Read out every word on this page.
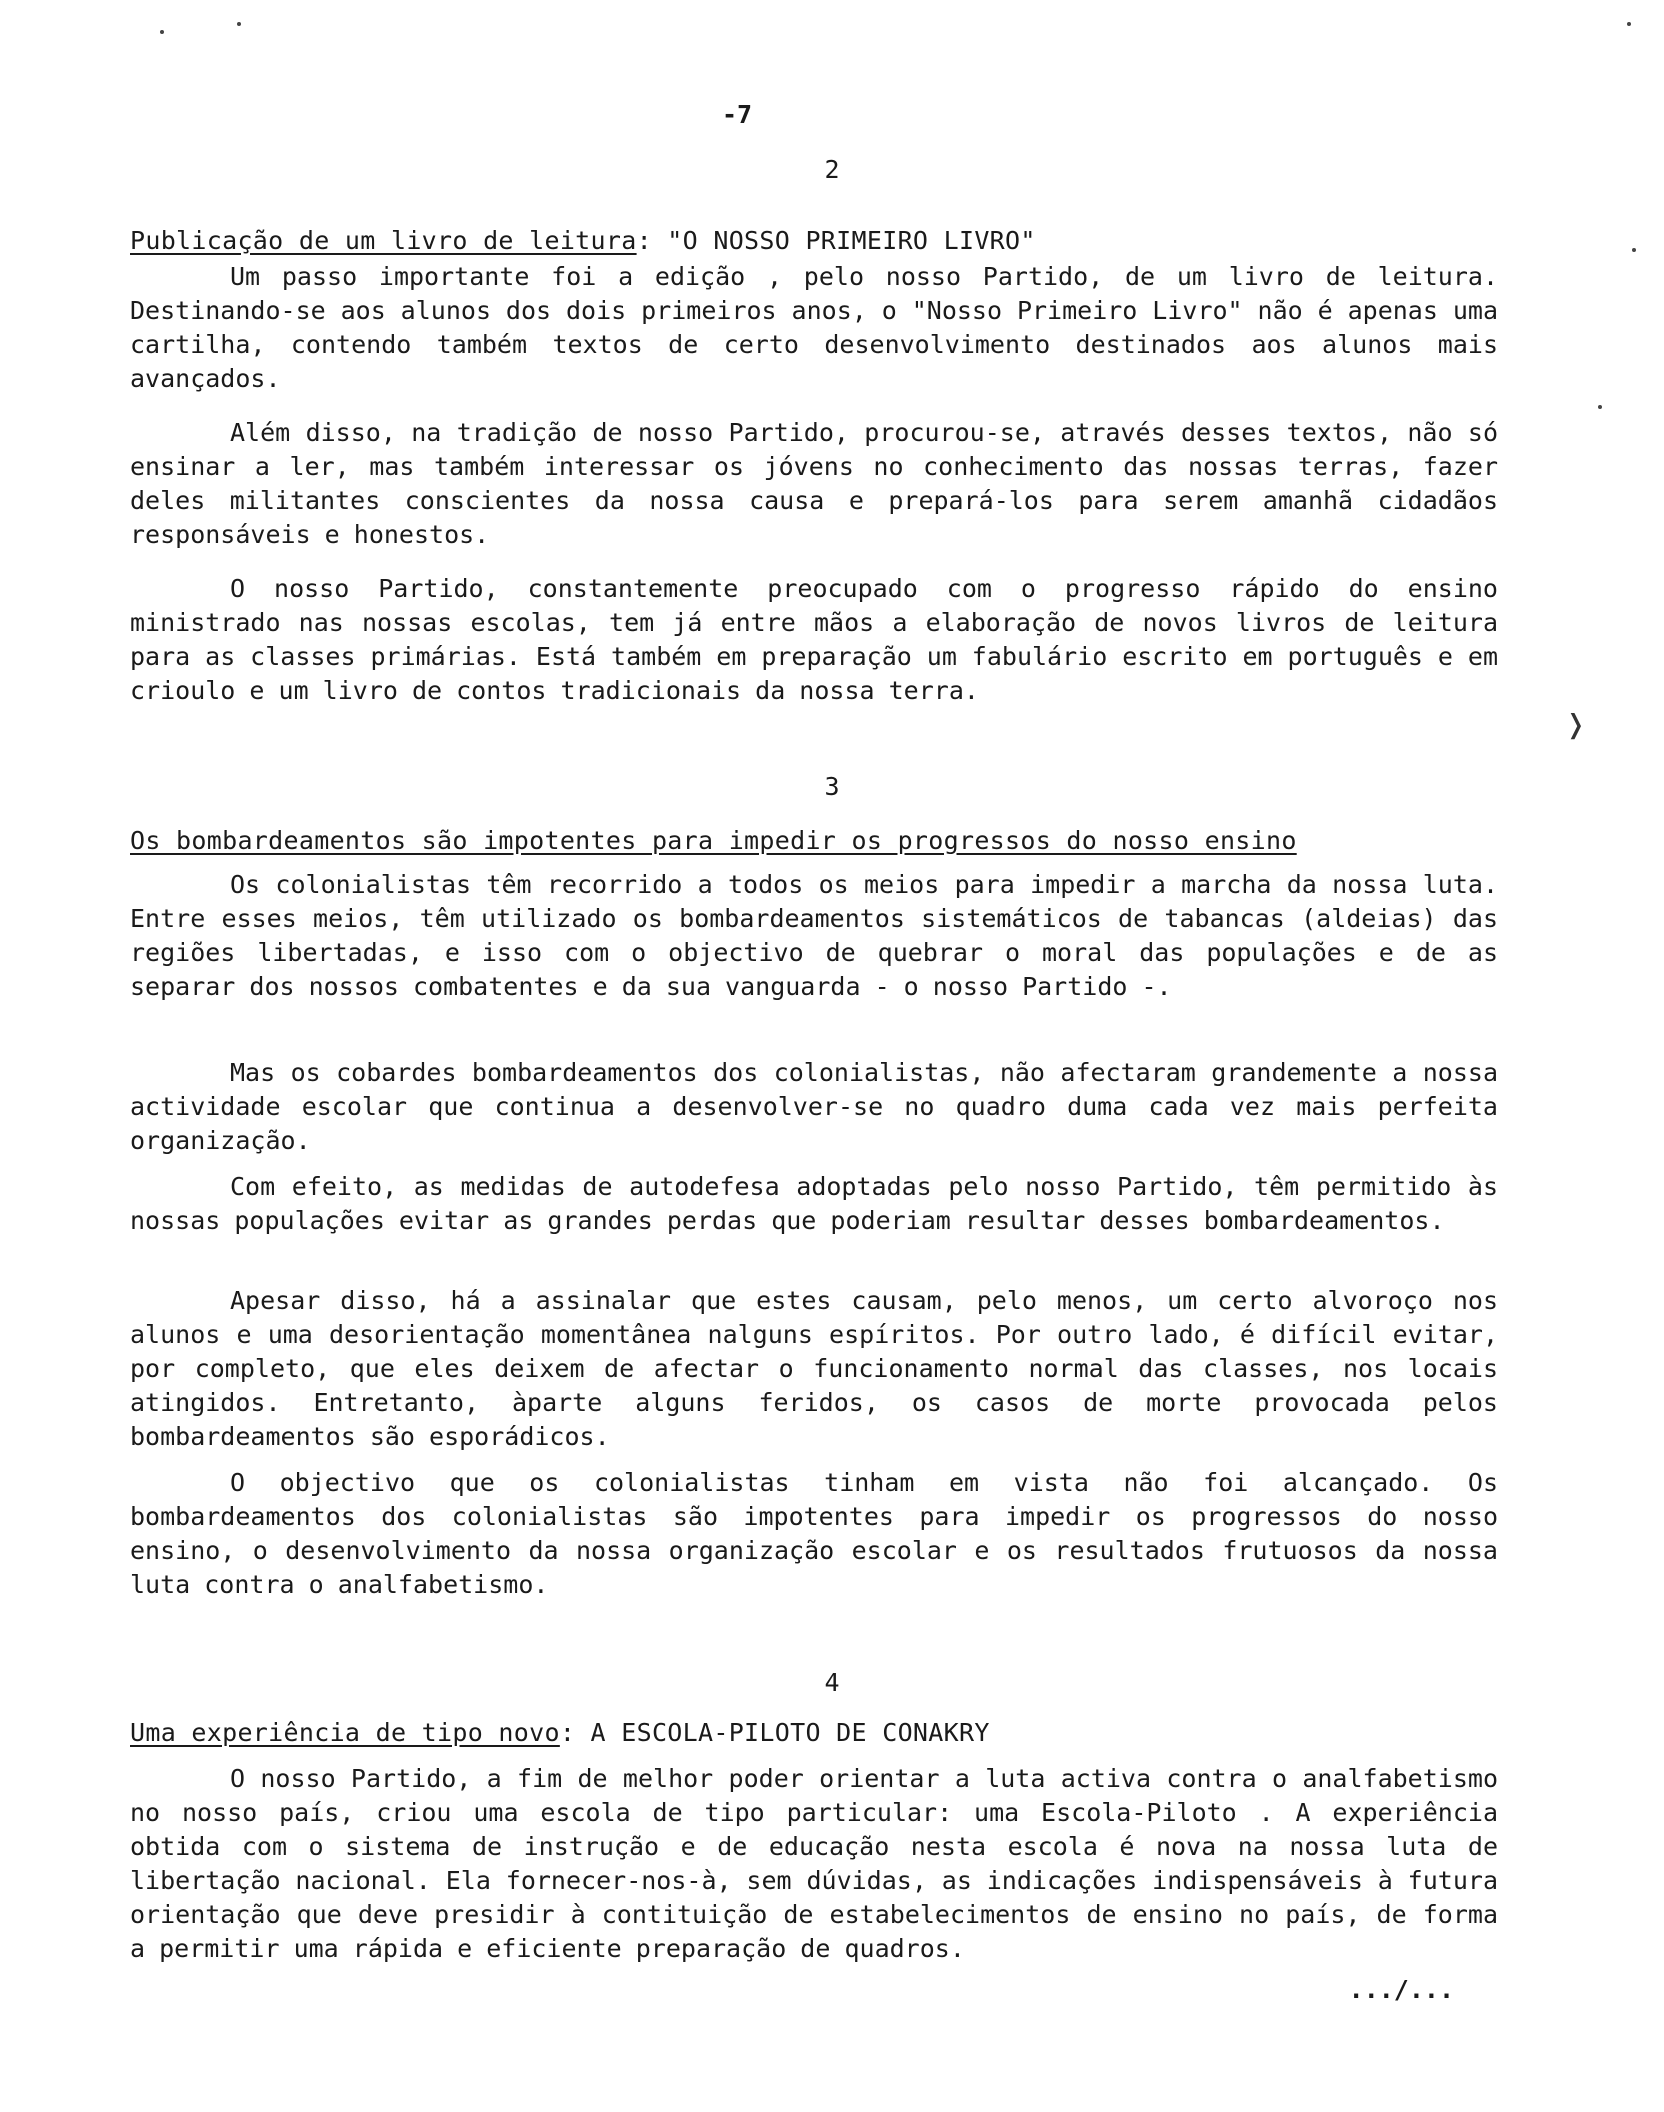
-7
2
Publicação de um livro de leitura: "O NOSSO PRIMEIRO LIVRO"

Um passo importante foi a edição , pelo nosso Partido, de um livro de leitura. Destinando-se aos alunos dos dois primeiros anos, o "Nosso Primeiro Livro" não é apenas uma cartilha, contendo também textos de certo desenvolvimento destinados aos alunos mais avançados.

Além disso, na tradição de nosso Partido, procurou-se, através desses textos, não só ensinar a ler, mas também interessar os jóvens no conhecimento das nossas terras, fazer deles militantes conscientes da nossa causa e prepará-los para serem amanhã cidadãos responsáveis e honestos.

O nosso Partido, constantemente preocupado com o progresso rápido do ensino ministrado nas nossas escolas, tem já entre mãos a elaboração de novos livros de leitura para as classes primárias. Está também em preparação um fabulário escrito em português e em crioulo e um livro de contos tradicionais da nossa terra.

3
Os bombardeamentos são impotentes para impedir os progressos do nosso ensino

Os colonialistas têm recorrido a todos os meios para impedir a marcha da nossa luta. Entre esses meios, têm utilizado os bombardeamentos sistemáticos de tabancas (aldeias) das regiões libertadas, e isso com o objectivo de quebrar o moral das populações e de as separar dos nossos combatentes e da sua vanguarda - o nosso Partido -.

Mas os cobardes bombardeamentos dos colonialistas, não afectaram grandemente a nossa actividade escolar que continua a desenvolver-se no quadro duma cada vez mais perfeita organização.

Com efeito, as medidas de autodefesa adoptadas pelo nosso Partido, têm permitido às nossas populações evitar as grandes perdas que poderiam resultar desses bombardeamentos.

Apesar disso, há a assinalar que estes causam, pelo menos, um certo alvoroço nos alunos e uma desorientação momentânea nalguns espíritos. Por outro lado, é difícil evitar, por completo, que eles deixem de afectar o funcionamento normal das classes, nos locais atingidos. Entretanto, àparte alguns feridos, os casos de morte provocada pelos bombardeamentos são esporádicos.

O objectivo que os colonialistas tinham em vista não foi alcançado. Os bombardeamentos dos colonialistas são impotentes para impedir os progressos do nosso ensino, o desenvolvimento da nossa organização escolar e os resultados frutuosos da nossa luta contra o analfabetismo.

4
Uma experiência de tipo novo: A ESCOLA-PILOTO DE CONAKRY

O nosso Partido, a fim de melhor poder orientar a luta activa contra o analfabetismo no nosso país, criou uma escola de tipo particular: uma Escola-Piloto . A experiência obtida com o sistema de instrução e de educação nesta escola é nova na nossa luta de libertação nacional. Ela fornecer-nos-à, sem dúvidas, as indicações indispensáveis à futura orientação que deve presidir à contituição de estabelecimentos de ensino no país, de forma a permitir uma rápida e eficiente preparação de quadros.

.../...
❭
